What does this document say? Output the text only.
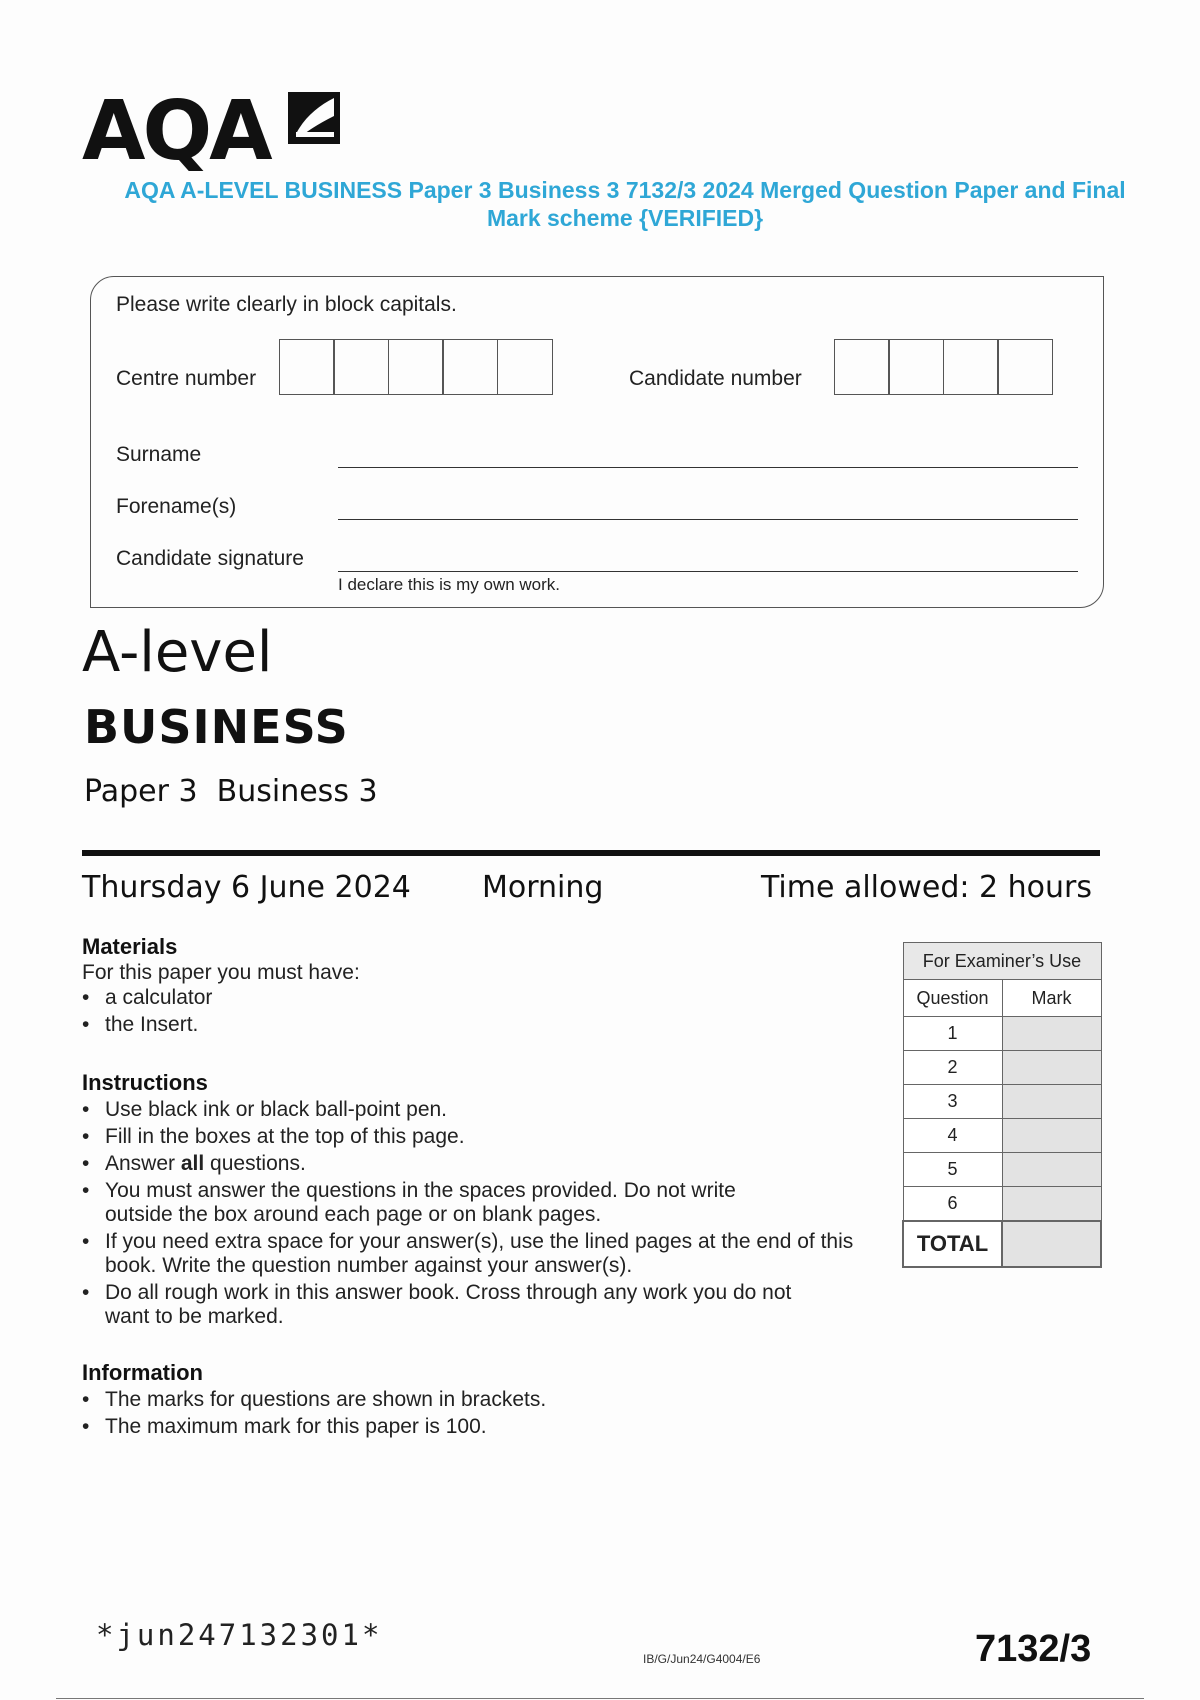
AQA
AQA A-LEVEL BUSINESS Paper 3 Business 3 7132/3 2024 Merged Question Paper and Final
Mark scheme {VERIFIED}
Please write clearly in block capitals.
Centre number	Candidate number
Surname
Forename(s)
Candidate signature
I declare this is my own work.
A-level
BUSINESS
Paper 3  Business 3
Thursday 6 June 2024 Morning	Time allowed: 2 hours
Materials
For this paper you must have:
• a calculator
• the Insert.
Instructions
• Use black ink or black ball-point pen.
• Fill in the boxes at the top of this page.
• Answer all questions.
• You must answer the questions in the spaces provided. Do not write outside the box around each page or on blank pages.
• If you need extra space for your answer(s), use the lined pages at the end of this book. Write the question number against your answer(s).
• Do all rough work in this answer book. Cross through any work you do not want to be marked.
Information
• The marks for questions are shown in brackets.
• The maximum mark for this paper is 100.
For Examiner’s Use	
Question	Mark
1	
2	
3	
4	
5	
6	
TOTAL	
*jun247132301*
IB/G/Jun24/G4004/E6	7132/3
